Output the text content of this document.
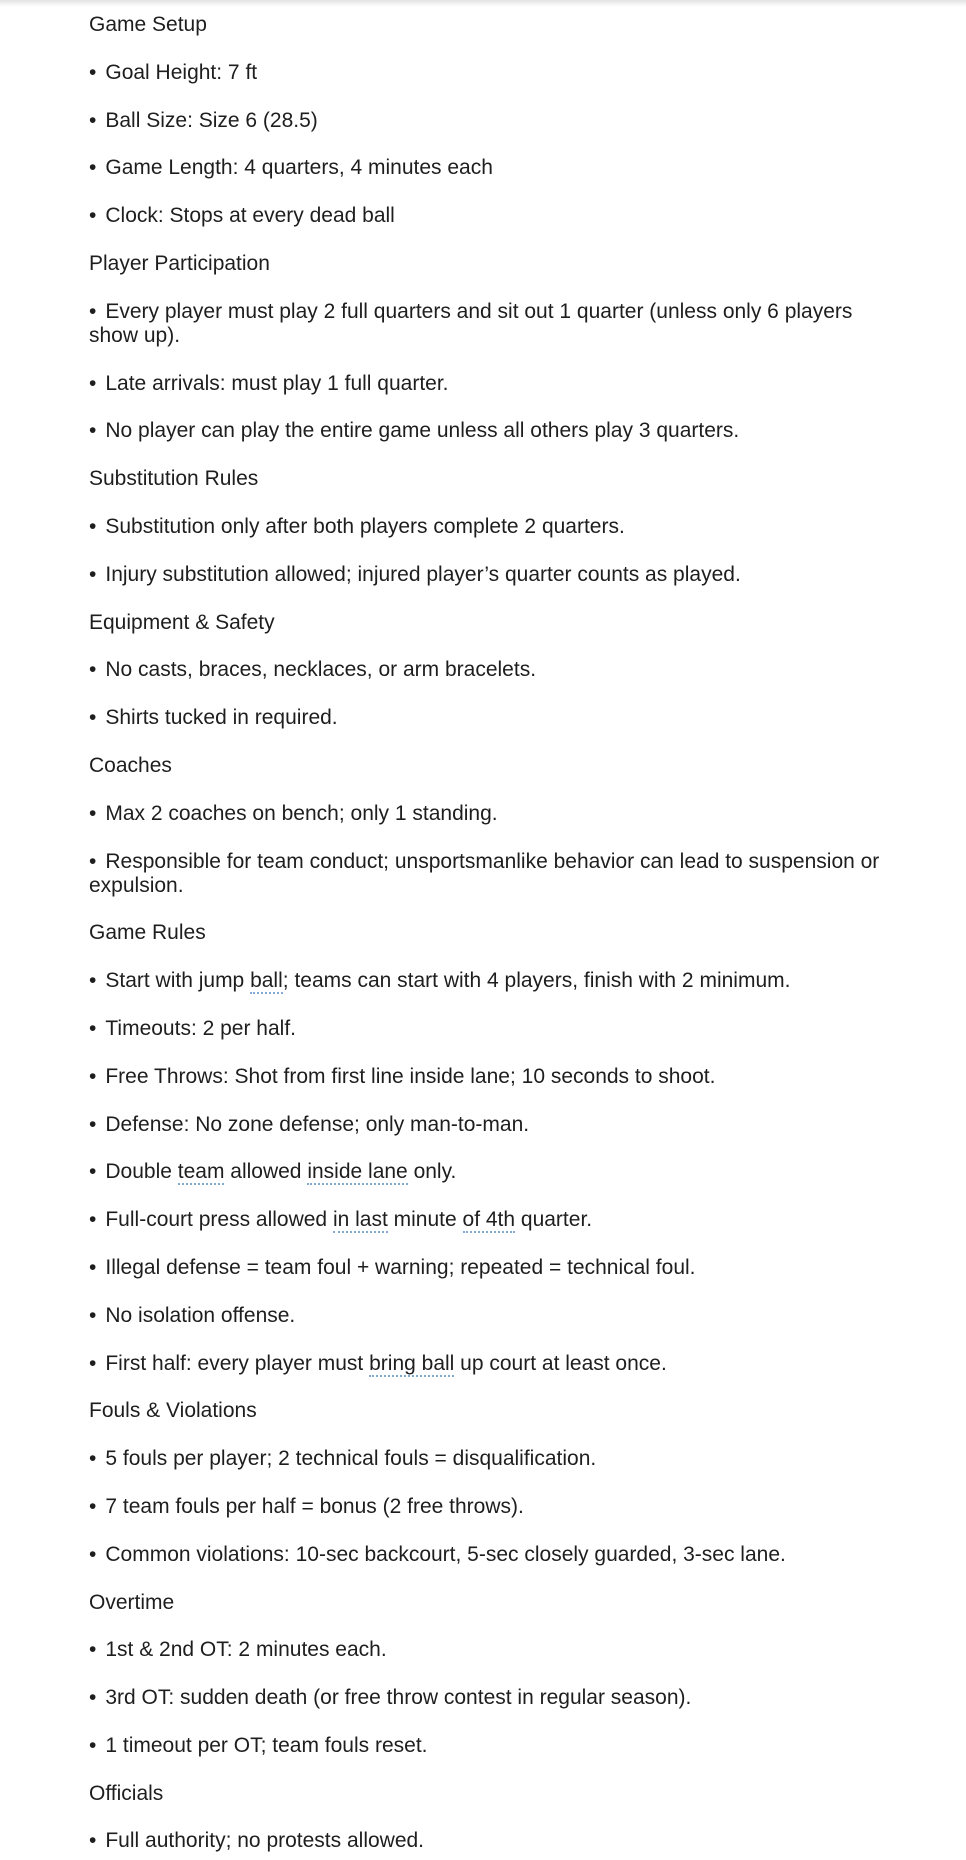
Game Setup

• Goal Height: 7 ft

• Ball Size: Size 6 (28.5)

• Game Length: 4 quarters, 4 minutes each

• Clock: Stops at every dead ball

Player Participation

• Every player must play 2 full quarters and sit out 1 quarter (unless only 6 players
show up).

• Late arrivals: must play 1 full quarter.

• No player can play the entire game unless all others play 3 quarters.

Substitution Rules

• Substitution only after both players complete 2 quarters.

• Injury substitution allowed; injured player’s quarter counts as played.

Equipment & Safety

• No casts, braces, necklaces, or arm bracelets.

• Shirts tucked in required.

Coaches

• Max 2 coaches on bench; only 1 standing.

• Responsible for team conduct; unsportsmanlike behavior can lead to suspension or
expulsion.

Game Rules

• Start with jump ball; teams can start with 4 players, finish with 2 minimum.

• Timeouts: 2 per half.

• Free Throws: Shot from first line inside lane; 10 seconds to shoot.

• Defense: No zone defense; only man-to-man.

• Double team allowed inside lane only.

• Full-court press allowed in last minute of 4th quarter.

• Illegal defense = team foul + warning; repeated = technical foul.

• No isolation offense.

• First half: every player must bring ball up court at least once.

Fouls & Violations

• 5 fouls per player; 2 technical fouls = disqualification.

• 7 team fouls per half = bonus (2 free throws).

• Common violations: 10-sec backcourt, 5-sec closely guarded, 3-sec lane.

Overtime

• 1st & 2nd OT: 2 minutes each.

• 3rd OT: sudden death (or free throw contest in regular season).

• 1 timeout per OT; team fouls reset.

Officials

• Full authority; no protests allowed.
